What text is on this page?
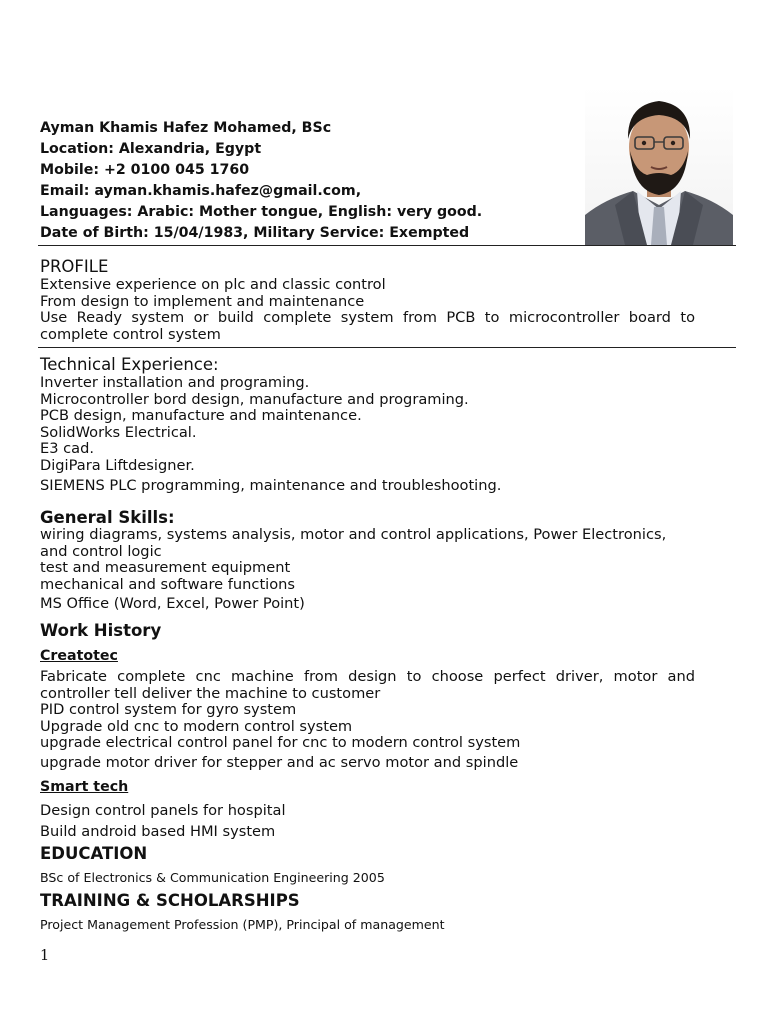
Ayman Khamis Hafez Mohamed, BSc
Location: Alexandria, Egypt
Mobile: +2 0100 045 1760
Email: ayman.khamis.hafez@gmail.com,
Languages: Arabic: Mother tongue, English: very good.
Date of Birth: 15/04/1983, Military Service: Exempted
PROFILE
Extensive experience on plc and classic control
From design to implement and maintenance
Use Ready system or build complete system from PCB to microcontroller board to
complete control system
Technical Experience:
Inverter installation and programing.
Microcontroller bord design, manufacture and programing.
PCB design, manufacture and maintenance.
SolidWorks Electrical.
E3 cad.
DigiPara Liftdesigner.
SIEMENS PLC programming, maintenance and troubleshooting.
General Skills:
wiring diagrams, systems analysis, motor and control applications, Power Electronics,
and control logic
test and measurement equipment
mechanical and software functions
MS Office (Word, Excel, Power Point)
Work History
Creatotec
Fabricate complete cnc machine from design to choose perfect driver, motor and
controller tell deliver the machine to customer
PID control system for gyro system
Upgrade old cnc to modern control system
upgrade electrical control panel for cnc to modern control system
upgrade motor driver for stepper and ac servo motor and spindle
Smart tech
Design control panels for hospital
Build android based HMI system
EDUCATION
BSc of Electronics & Communication Engineering 2005
TRAINING & SCHOLARSHIPS
Project Management Profession (PMP), Principal of management
1
